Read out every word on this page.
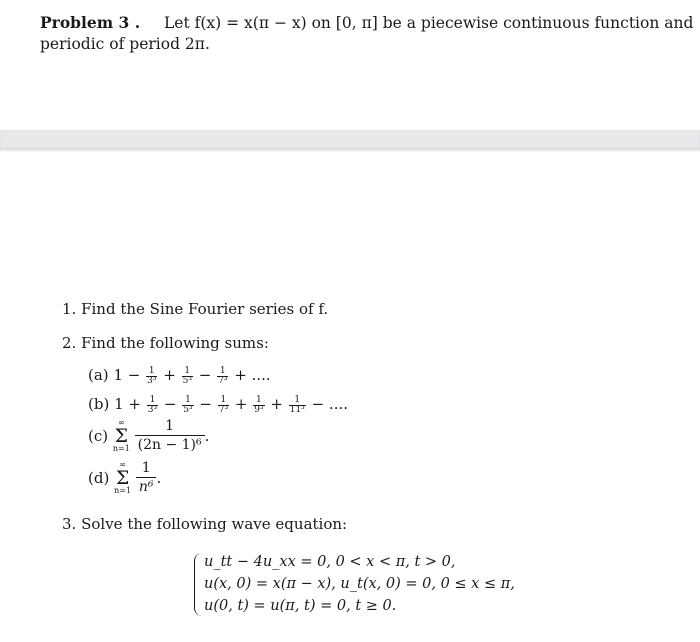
Problem 3 . Let f(x) = x(π − x) on [0, π] be a piecewise continuous function and
periodic of period 2π.
1. Find the Sine Fourier series of f.
2. Find the following sums:
(a) $1 - \frac{1}{\text{3³}} + \frac{1}{\text{5³}} - \frac{1}{\text{7³}}$ + ....
(b) $1 + \frac{1}{\text{3³}} - \frac{1}{\text{5³}} - \frac{1}{\text{7³}} + \frac{1}{\text{9³}} + \frac{1}{\text{11³}}$ − ....
(c)
∞
Σ
n=1
$\frac{1}{\text{(2n − 1)⁶}}$ .
(d)
∞
Σ
n=1
$\frac{1}{\text{n⁶}}$ .
3. Solve the following wave equation:
u_tt − 4u_xx = 0, 0 < x < π, t > 0,
u(x, 0) = x(π − x), u_t(x, 0) = 0, 0 ≤ x ≤ π,
u(0, t) = u(π, t) = 0, t ≥ 0.
